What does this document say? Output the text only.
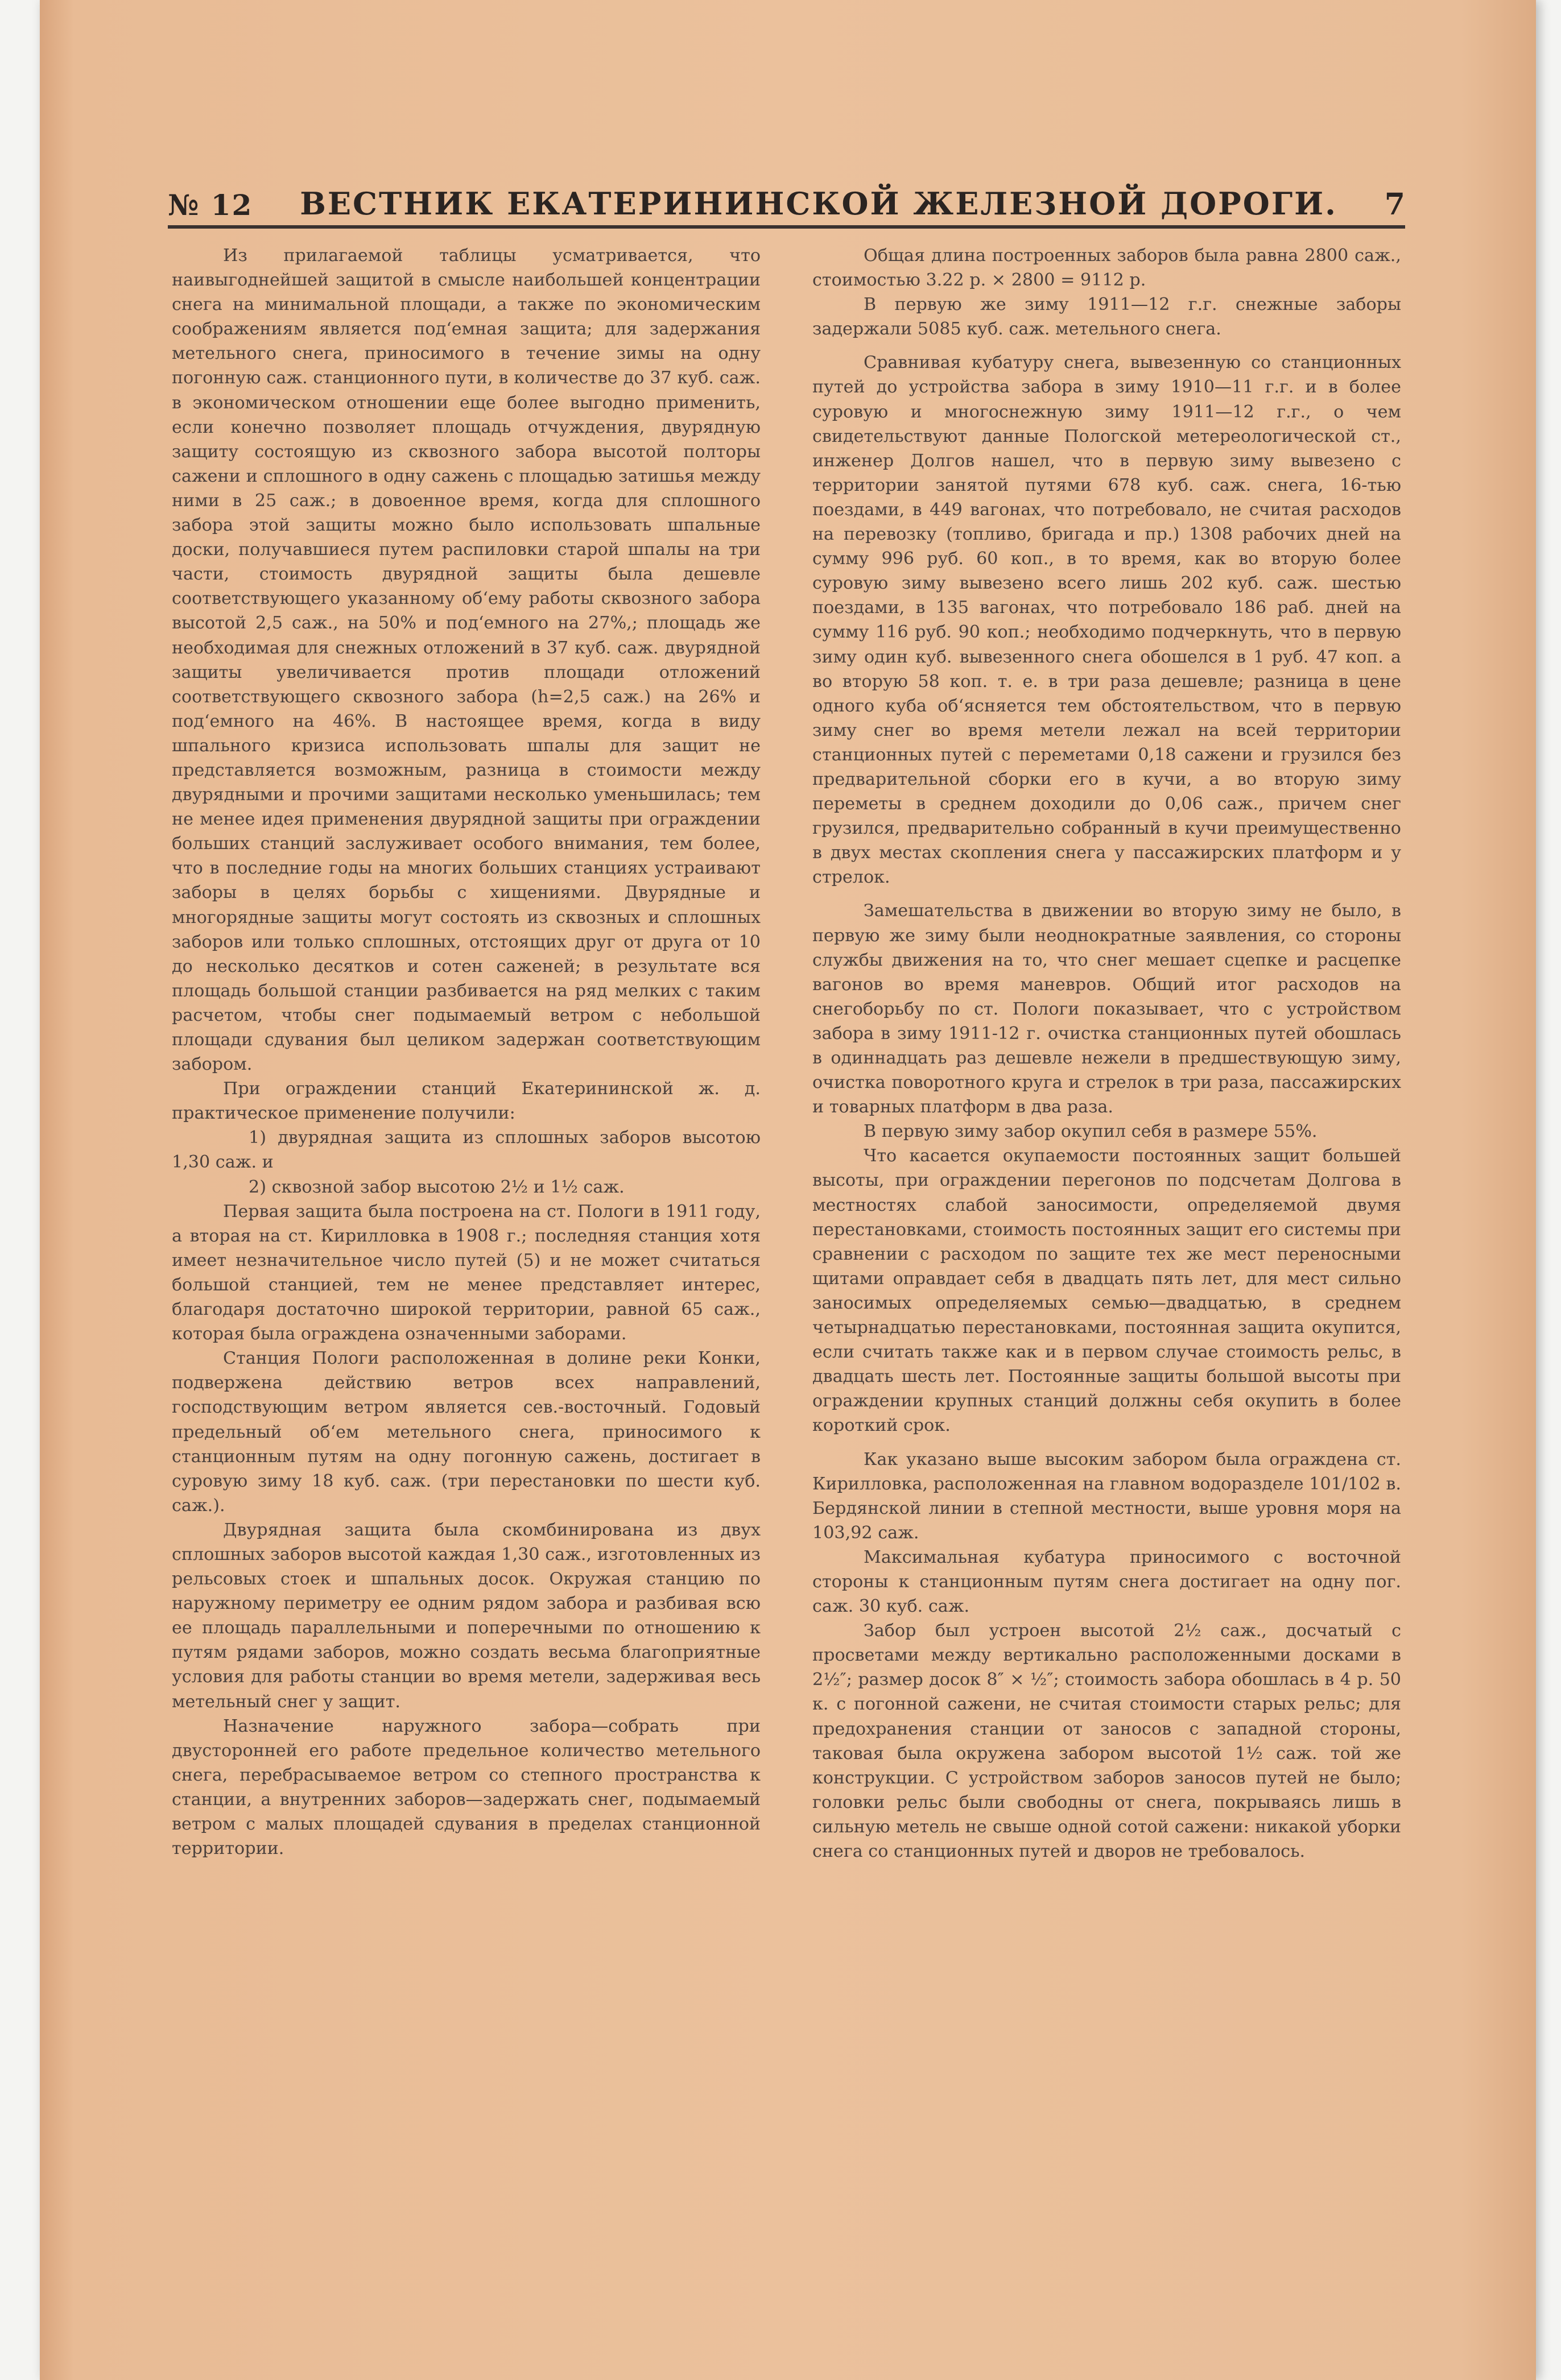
№ 12 ВЕСТНИК ЕКАТЕРИНИНСКОЙ ЖЕЛЕЗНОЙ ДОРОГИ. 7

Из прилагаемой таблицы усматривается, что наивыгоднейшей защитой в смысле наибольшей концентрации снега на минимальной площади, а также по экономическим соображениям является под‘емная защита; для задержания метельного снега, приносимого в течение зимы на одну погонную саж. станционного пути, в количестве до 37 куб. саж. в экономическом отношении еще более выгодно применить, если конечно позволяет площадь отчуждения, двурядную защиту состоящую из сквозного забора высотой полторы сажени и сплошного в одну сажень с площадью затишья между ними в 25 саж.; в довоенное время, когда для сплошного забора этой защиты можно было использовать шпальные доски, получавшиеся путем распиловки старой шпалы на три части, стоимость двурядной защиты была дешевле соответствующего указанному об‘ему работы сквозного забора высотой 2,5 саж., на 50% и под‘емного на 27%,; площадь же необходимая для снежных отложений в 37 куб. саж. двурядной защиты увеличивается против площади отложений соответствующего сквозного забора (h=2,5 саж.) на 26% и под‘емного на 46%. В настоящее время, когда в виду шпального кризиса использовать шпалы для защит не представляется возможным, разница в стоимости между двурядными и прочими защитами несколько уменьшилась; тем не менее идея применения двурядной защиты при ограждении больших станций заслуживает особого внимания, тем более, что в последние годы на многих больших станциях устраивают заборы в целях борьбы с хищениями. Двурядные и многорядные защиты могут состоять из сквозных и сплошных заборов или только сплошных, отстоящих друг от друга от 10 до несколько десятков и сотен саженей; в результате вся площадь большой станции разбивается на ряд мелких с таким расчетом, чтобы снег подымаемый ветром с небольшой площади сдувания был целиком задержан соответствующим забором.

При ограждении станций Екатерининской ж. д. практическое применение получили:

1) двурядная защита из сплошных заборов высотою 1,30 саж. и

2) сквозной забор высотою 2½ и 1½ саж.

Первая защита была построена на ст. Пологи в 1911 году, а вторая на ст. Кирилловка в 1908 г.; последняя станция хотя имеет незначительное число путей (5) и не может считаться большой станцией, тем не менее представляет интерес, благодаря достаточно широкой территории, равной 65 саж., которая была ограждена означенными заборами.

Станция Пологи расположенная в долине реки Конки, подвержена действию ветров всех направлений, господствующим ветром является сев.-восточный. Годовый предельный об‘ем метельного снега, приносимого к станционным путям на одну погонную сажень, достигает в суровую зиму 18 куб. саж. (три перестановки по шести куб. саж.).

Двурядная защита была скомбинирована из двух сплошных заборов высотой каждая 1,30 саж., изготовленных из рельсовых стоек и шпальных досок. Окружая станцию по наружному периметру ее одним рядом забора и разбивая всю ее площадь параллельными и поперечными по отношению к путям рядами заборов, можно создать весьма благоприятные условия для работы станции во время метели, задерживая весь метельный снег у защит.

Назначение наружного забора—собрать при двусторонней его работе предельное количество метельного снега, перебрасываемое ветром со степного пространства к станции, а внутренних заборов—задержать снег, подымаемый ветром с малых площадей сдувания в пределах станционной территории.

Общая длина построенных заборов была равна 2800 саж., стоимостью 3.22 р. × 2800 = 9112 р.

В первую же зиму 1911—12 г.г. снежные заборы задержали 5085 куб. саж. метельного снега.

Сравнивая кубатуру снега, вывезенную со станционных путей до устройства забора в зиму 1910—11 г.г. и в более суровую и многоснежную зиму 1911—12 г.г., о чем свидетельствуют данные Пологской метереологической ст., инженер Долгов нашел, что в первую зиму вывезено с территории занятой путями 678 куб. саж. снега, 16-тью поездами, в 449 вагонах, что потребовало, не считая расходов на перевозку (топливо, бригада и пр.) 1308 рабочих дней на сумму 996 руб. 60 коп., в то время, как во вторую более суровую зиму вывезено всего лишь 202 куб. саж. шестью поездами, в 135 вагонах, что потребовало 186 раб. дней на сумму 116 руб. 90 коп.; необходимо подчеркнуть, что в первую зиму один куб. вывезенного снега обошелся в 1 руб. 47 коп. а во вторую 58 коп. т. е. в три раза дешевле; разница в цене одного куба об‘ясняется тем обстоятельством, что в первую зиму снег во время метели лежал на всей территории станционных путей с переметами 0,18 сажени и грузился без предварительной сборки его в кучи, а во вторую зиму переметы в среднем доходили до 0,06 саж., причем снег грузился, предварительно собранный в кучи преимущественно в двух местах скопления снега у пассажирских платформ и у стрелок.

Замешательства в движении во вторую зиму не было, в первую же зиму были неоднократные заявления, со стороны службы движения на то, что снег мешает сцепке и расцепке вагонов во время маневров. Общий итог расходов на снегоборьбу по ст. Пологи показывает, что с устройством забора в зиму 1911-12 г. очистка станционных путей обошлась в одиннадцать раз дешевле нежели в предшествующую зиму, очистка поворотного круга и стрелок в три раза, пассажирских и товарных платформ в два раза.

В первую зиму забор окупил себя в размере 55%.

Что касается окупаемости постоянных защит большей высоты, при ограждении перегонов по подсчетам Долгова в местностях слабой заносимости, определяемой двумя перестановками, стоимость постоянных защит его системы при сравнении с расходом по защите тех же мест переносными щитами оправдает себя в двадцать пять лет, для мест сильно заносимых определяемых семью—двадцатью, в среднем четырнадцатью перестановками, постоянная защита окупится, если считать также как и в первом случае стоимость рельс, в двадцать шесть лет. Постоянные защиты большой высоты при ограждении крупных станций должны себя окупить в более короткий срок.

Как указано выше высоким забором была ограждена ст. Кирилловка, расположенная на главном водоразделе 101/102 в. Бердянской линии в степной местности, выше уровня моря на 103,92 саж.

Максимальная кубатура приносимого с восточной стороны к станционным путям снега достигает на одну пог. саж. 30 куб. саж.

Забор был устроен высотой 2½ саж., досчатый с просветами между вертикально расположенными досками в 2½″; размер досок 8″ × ½″; стоимость забора обошлась в 4 р. 50 к. с погонной сажени, не считая стоимости старых рельс; для предохранения станции от заносов с западной стороны, таковая была окружена забором высотой 1½ саж. той же конструкции. С устройством заборов заносов путей не было; головки рельс были свободны от снега, покрываясь лишь в сильную метель не свыше одной сотой сажени: никакой уборки снега со станционных путей и дворов не требовалось.
